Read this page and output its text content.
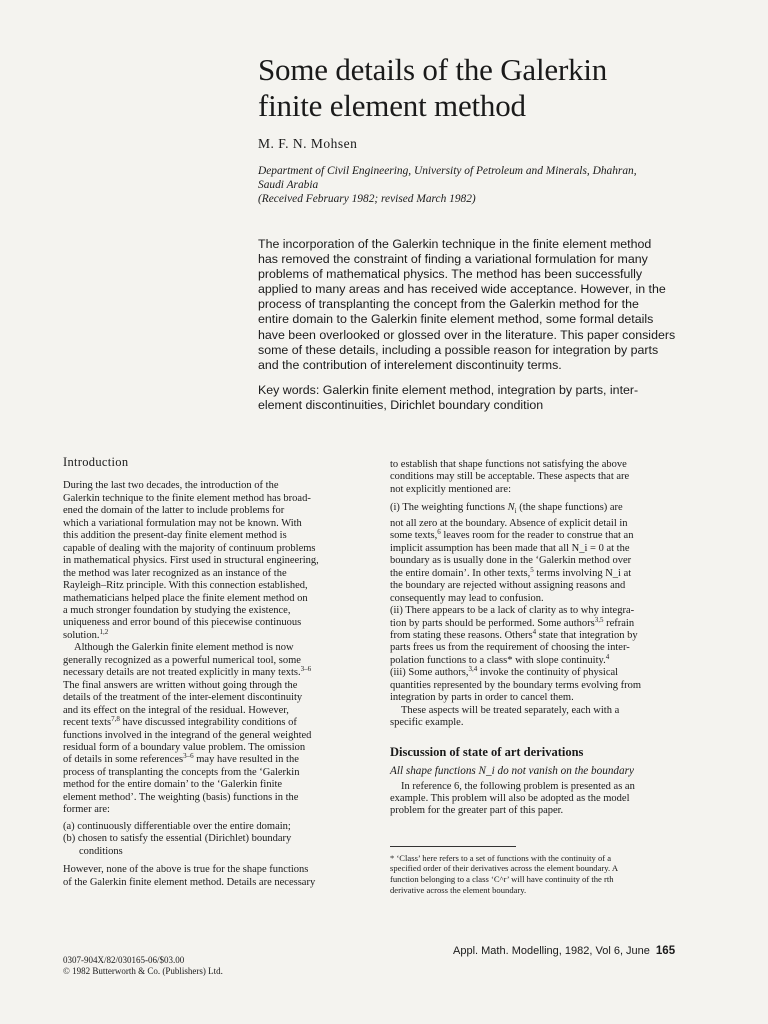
Some details of the Galerkin
finite element method
M. F. N. Mohsen
Department of Civil Engineering, University of Petroleum and Minerals, Dhahran,
Saudi Arabia
(Received February 1982; revised March 1982)
The incorporation of the Galerkin technique in the finite element method
has removed the constraint of finding a variational formulation for many
problems of mathematical physics. The method has been successfully
applied to many areas and has received wide acceptance. However, in the
process of transplanting the concept from the Galerkin method for the
entire domain to the Galerkin finite element method, some formal details
have been overlooked or glossed over in the literature. This paper considers
some of these details, including a possible reason for integration by parts
and the contribution of interelement discontinuity terms.
Key words: Galerkin finite element method, integration by parts, inter-
element discontinuities, Dirichlet boundary condition
Introduction
During the last two decades, the introduction of the
Galerkin technique to the finite element method has broad-
ened the domain of the latter to include problems for
which a variational formulation may not be known. With
this addition the present-day finite element method is
capable of dealing with the majority of continuum problems
in mathematical physics. First used in structural engineering,
the method was later recognized as an instance of the
Rayleigh–Ritz principle. With this connection established,
mathematicians helped place the finite element method on
a much stronger foundation by studying the existence,
uniqueness and error bound of this piecewise continuous
solution.$^{1,2}$
Although the Galerkin finite element method is now
generally recognized as a powerful numerical tool, some
necessary details are not treated explicitly in many texts.$^{3-6}$
The final answers are written without going through the
details of the treatment of the inter-element discontinuity
and its effect on the integral of the residual. However,
recent texts$^{7,8}$ have discussed integrability conditions of
functions involved in the integrand of the general weighted
residual form of a boundary value problem. The omission
of details in some references$^{3-6}$ may have resulted in the
process of transplanting the concepts from the ‘Galerkin
method for the entire domain’ to the ‘Galerkin finite
element method’. The weighting (basis) functions in the
former are:
(a) continuously differentiable over the entire domain;
(b) chosen to satisfy the essential (Dirichlet) boundary
conditions
However, none of the above is true for the shape functions
of the Galerkin finite element method. Details are necessary
to establish that shape functions not satisfying the above
conditions may still be acceptable. These aspects that are
not explicitly mentioned are:
(i) The weighting functions $N_i$ (the shape functions) are
not all zero at the boundary. Absence of explicit detail in
some texts,$^6$ leaves room for the reader to construe that an
implicit assumption has been made that all N_i = 0 at the
boundary as is usually done in the ‘Galerkin method over
the entire domain’. In other texts,$^5$ terms involving N_i at
the boundary are rejected without assigning reasons and
consequently may lead to confusion.
(ii) There appears to be a lack of clarity as to why integra-
tion by parts should be performed. Some authors$^{3,5}$ refrain
from stating these reasons. Others$^4$ state that integration by
parts frees us from the requirement of choosing the inter-
polation functions to a class* with slope continuity.$^4$
(iii) Some authors,$^{3,4}$ invoke the continuity of physical
quantities represented by the boundary terms evolving from
integration by parts in order to cancel them.
These aspects will be treated separately, each with a
specific example.
Discussion of state of art derivations
All shape functions N_i do not vanish on the boundary
In reference 6, the following problem is presented as an
example. This problem will also be adopted as the model
problem for the greater part of this paper.
* ‘Class’ here refers to a set of functions with the continuity of a
specified order of their derivatives across the element boundary. A
function belonging to a class ‘C^r’ will have continuity of the rth
derivative across the element boundary.
0307-904X/82/030165-06/$03.00
© 1982 Butterworth & Co. (Publishers) Ltd.
Appl. Math. Modelling, 1982, Vol 6, June 165
